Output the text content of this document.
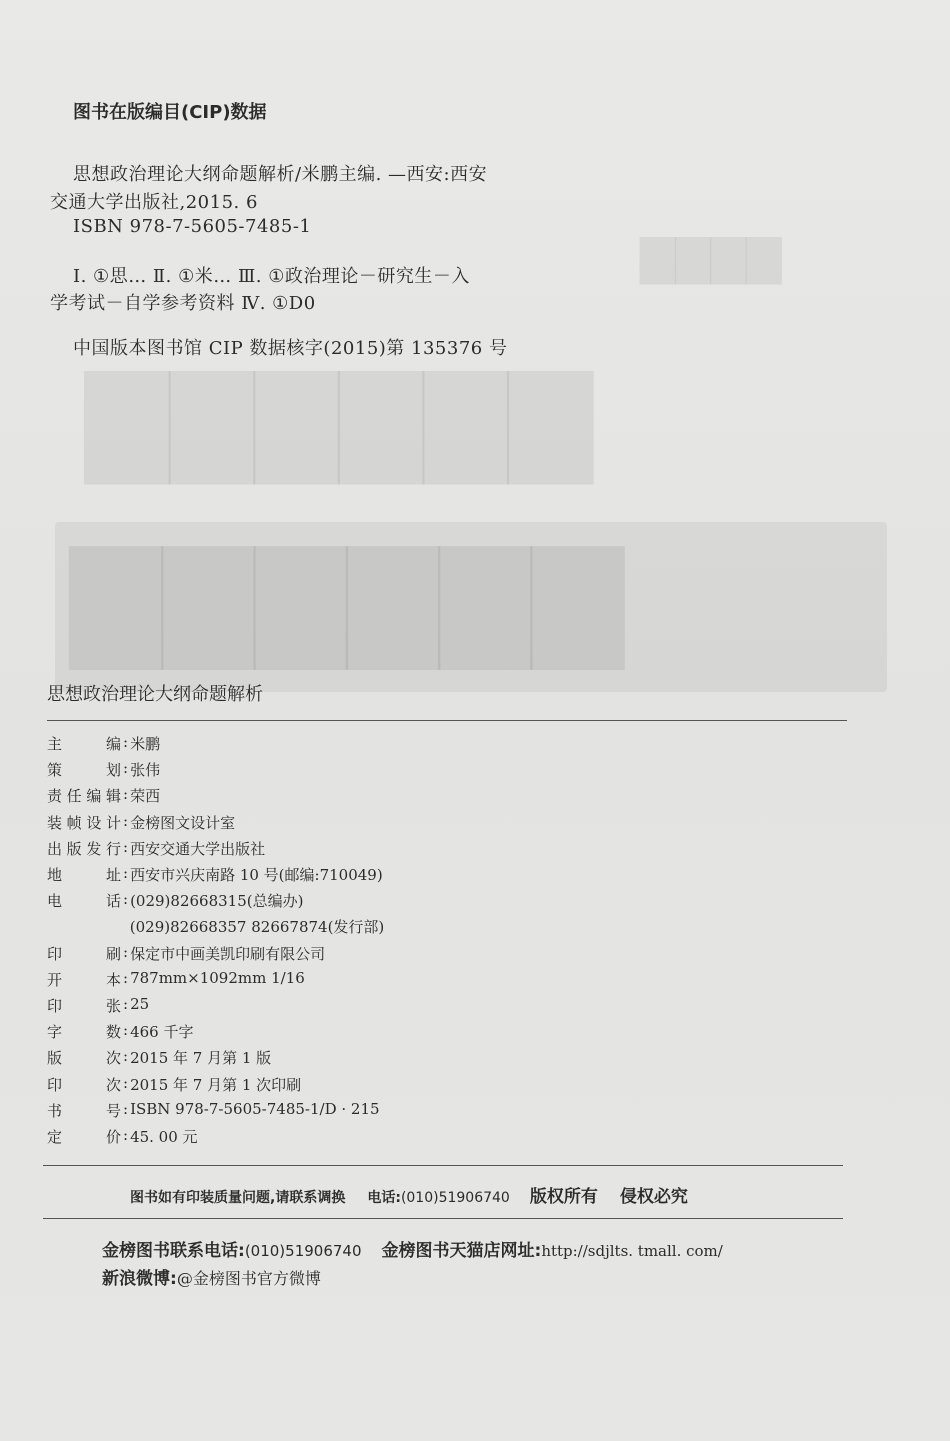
▇▇▇▇▇▇
▇▇▇▇▇▇
▇▇▇▇
图书在版编目(CIP)数据
思想政治理论大纲命题解析/米鹏主编. —西安:西安
交通大学出版社,2015. 6
ISBN 978-7-5605-7485-1
Ⅰ. ①思… Ⅱ. ①米… Ⅲ. ①政治理论－研究生－入
学考试－自学参考资料 Ⅳ. ①D0
中国版本图书馆 CIP 数据核字(2015)第 135376 号
思想政治理论大纲命题解析
主编 : 米鹏
策划 : 张伟
责任编辑 : 荣西
装帧设计 : 金榜图文设计室
出版发行 : 西安交通大学出版社
地址 : 西安市兴庆南路 10 号(邮编:710049)
电话 : (029)82668315(总编办)

(029)82668357 82667874(发行部)
印刷 : 保定市中画美凯印刷有限公司
开本 : 787mm×1092mm 1/16
印张 : 25
字数 : 466 千字
版次 : 2015 年 7 月第 1 版
印次 : 2015 年 7 月第 1 次印刷
书号 : ISBN 978-7-5605-7485-1/D · 215
定价 : 45. 00 元
图书如有印装质量问题,请联系调换 电话: (010)51906740 版权所有 侵权必究
金榜图书联系电话: (010)51906740 金榜图书天猫店网址: http://sdjlts. tmall. com/
新浪微博: @金榜图书官方微博
